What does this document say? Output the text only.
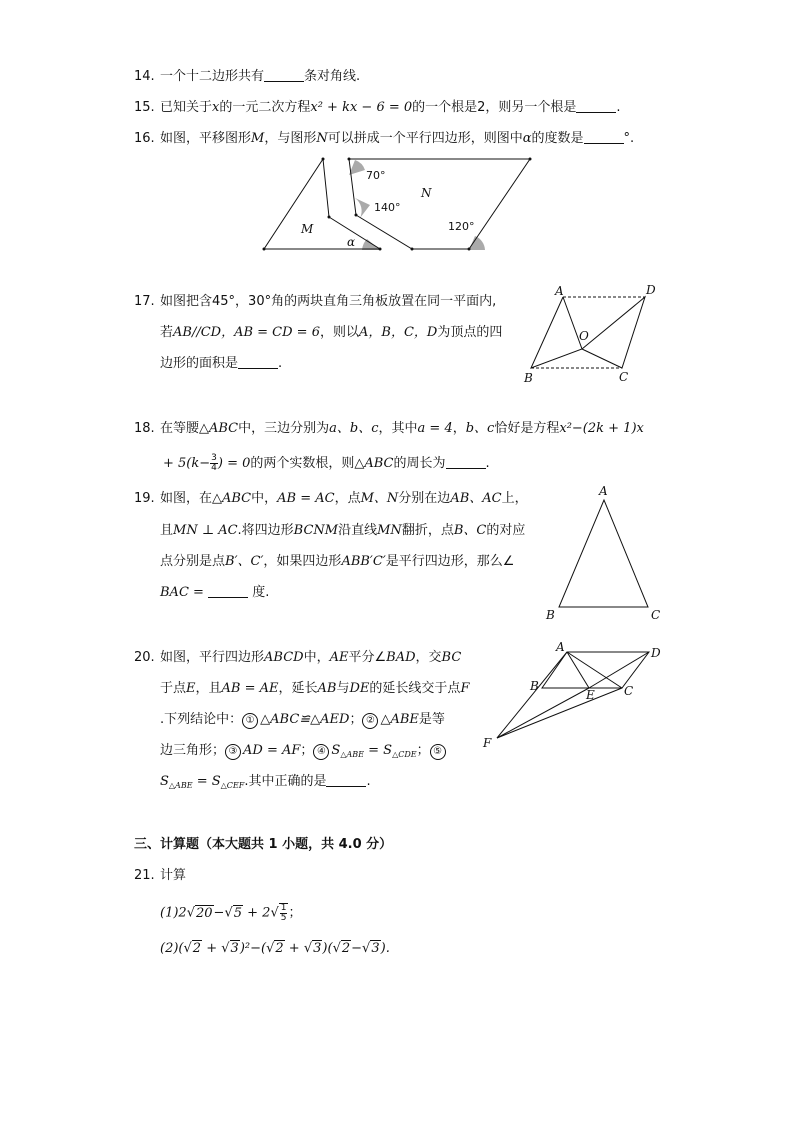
14. 一个十二边形共有	条对角线.
15. 已知关于x的一元二次方程x² + kx − 6 = 0的一个根是2，则另一个根是	.
16. 如图，平移图形M，与图形N可以拼成一个平行四边形，则图中α的度数是	°.
M
N
α
70°
140°
120°
17. 如图把含45°，30°角的两块直角三角板放置在同一平面内,
若AB//CD，AB = CD = 6，则以A，B，C，D为顶点的四
边形的面积是	.
A	D
O
B	C
18. 在等腰△ABC中，三边分别为a、b、c，其中a = 4，b、c恰好是方程x²−(2k + 1)x
+ $5(k- \frac{3}{4}$ ) = 0的两个实数根，则△ABC的周长为	.
19. 如图，在△ABC中，AB = AC，点M、N分别在边AB、AC上，
且MN ⊥ AC.将四边形BCNM沿直线MN翻折，点B、C的对应
点分别是点B′、C′，如果四边形ABB′C′是平行四边形，那么∠
BAC =	度.
A
B	C
20. 如图，平行四边形ABCD中，AE平分∠BAD，交BC
于点E，且AB = AE，延长AB与DE的延长线交于点F
.下列结论中： ① △ABC≌△AED； ② △ABE是等
边三角形； ③ AD = AF； ④ $S_{\triangle ABE} = S_{\triangle CDE}$； ⑤
$S_{\triangle ABE} = S_{\triangle CEF}$.其中正确的是	.
A	D
B
E C
F
三、计算题（本大题共 1 小题，共 4.0 分）
21. 计算
$(1)2√20-√5 + 2√ \frac{1}{5}$ ；
(2)(√2 + √3)²−(√2 + √3)(√2−√3).
